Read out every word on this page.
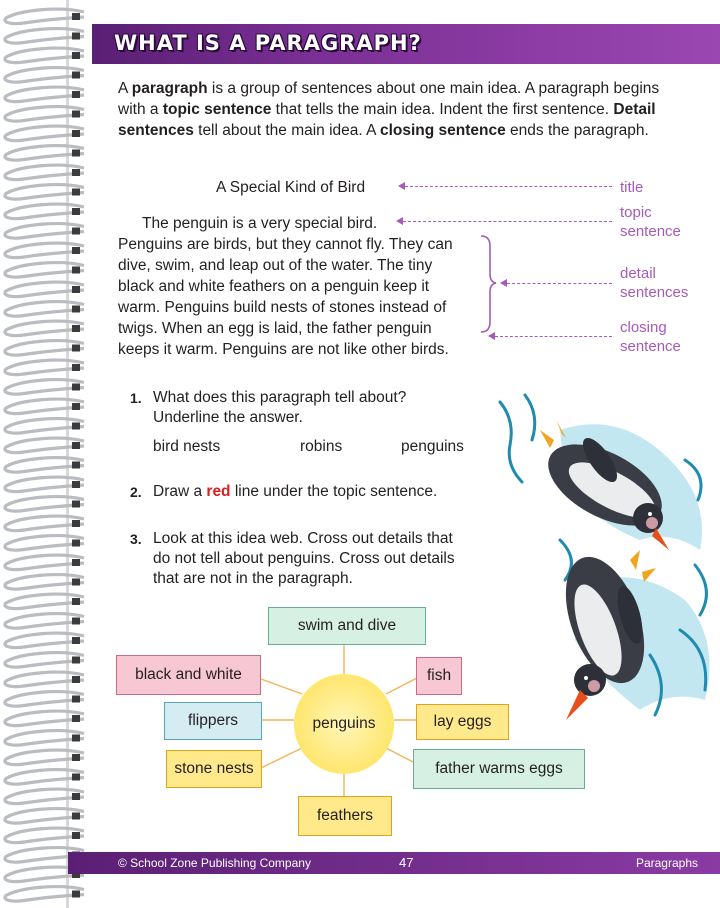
WHAT IS A PARAGRAPH?
A paragraph is a group of sentences about one main idea. A paragraph begins with a topic sentence that tells the main idea. Indent the first sentence. Detail sentences tell about the main idea. A closing sentence ends the paragraph.
A Special Kind of Bird
The penguin is a very special bird.
Penguins are birds, but they cannot fly. They can
dive, swim, and leap out of the water. The tiny
black and white feathers on a penguin keep it
warm. Penguins build nests of stones instead of
twigs. When an egg is laid, the father penguin
keeps it warm. Penguins are not like other birds.
title
topic
sentence
detail
sentences
closing
sentence
1. What does this paragraph tell about?
Underline the answer.
bird nests	robins	penguins
2. Draw a red line under the topic sentence.
3. Look at this idea web. Cross out details that
do not tell about penguins. Cross out details
that are not in the paragraph.
penguins
swim and dive
black and white	fish
flippers	lay eggs
stone nests	father warms eggs
feathers
© School Zone Publishing Company	47	Paragraphs
